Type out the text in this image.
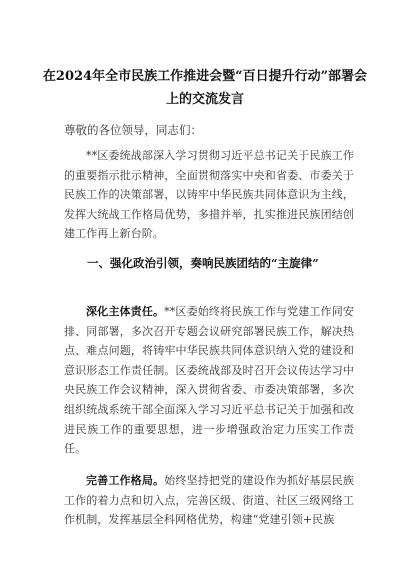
在2024年全市民族工作推进会暨“百日提升行动”部署会上的交流发言
尊敬的各位领导，同志们：

**区委统战部深入学习贯彻习近平总书记关于民族工作的重要指示批示精神，全面贯彻落实中央和省委、市委关于民族工作的决策部署，以铸牢中华民族共同体意识为主线，发挥大统战工作格局优势，多措并举，扎实推进民族团结创建工作再上新台阶。

一、强化政治引领，奏响民族团结的“主旋律”

深化主体责任。**区委始终将民族工作与党建工作同安排、同部署，多次召开专题会议研究部署民族工作，解决热点、难点问题，将铸牢中华民族共同体意识纳入党的建设和意识形态工作责任制。区委统战部及时召开会议传达学习中央民族工作会议精神，深入贯彻省委、市委决策部署，多次组织统战系统干部全面深入学习习近平总书记关于加强和改进民族工作的重要思想，进一步增强政治定力压实工作责任。

完善工作格局。始终坚持把党的建设作为抓好基层民族工作的着力点和切入点，完善区级、街道、社区三级网络工作机制，发挥基层全科网格优势，构建“党建引领+民族
